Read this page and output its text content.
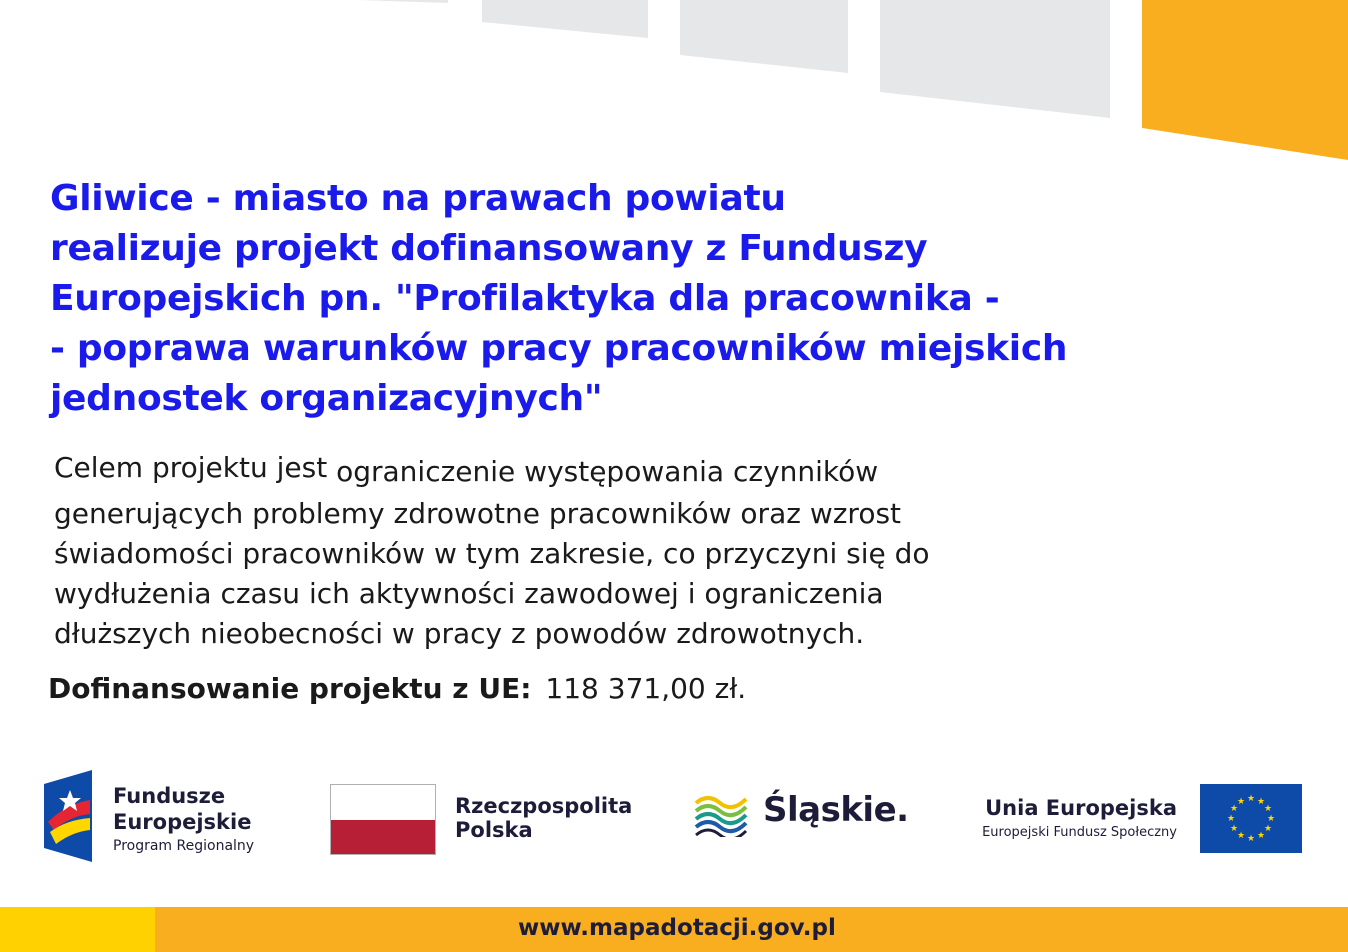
Gliwice - miasto na prawach powiatu
realizuje projekt dofinansowany z Funduszy
Europejskich pn. "Profilaktyka dla pracownika -
- poprawa warunków pracy pracowników miejskich
jednostek organizacyjnych"
Celem projektu jest ograniczenie występowania czynników
generujących problemy zdrowotne pracowników oraz wzrost
świadomości pracowników w tym zakresie, co przyczyni się do
wydłużenia czasu ich aktywności zawodowej i ograniczenia
dłuższych nieobecności w pracy z powodów zdrowotnych.
Dofinansowanie projektu z UE: 118 371,00 zł.
Fundusze
Europejskie
Program Regionalny
Rzeczpospolita
Polska	Śląskie.	Unia Europejska
Europejski Fundusz Społeczny
★ ★
★
★
★
★
★
★
★
★
★
★
www.mapadotacji.gov.pl
